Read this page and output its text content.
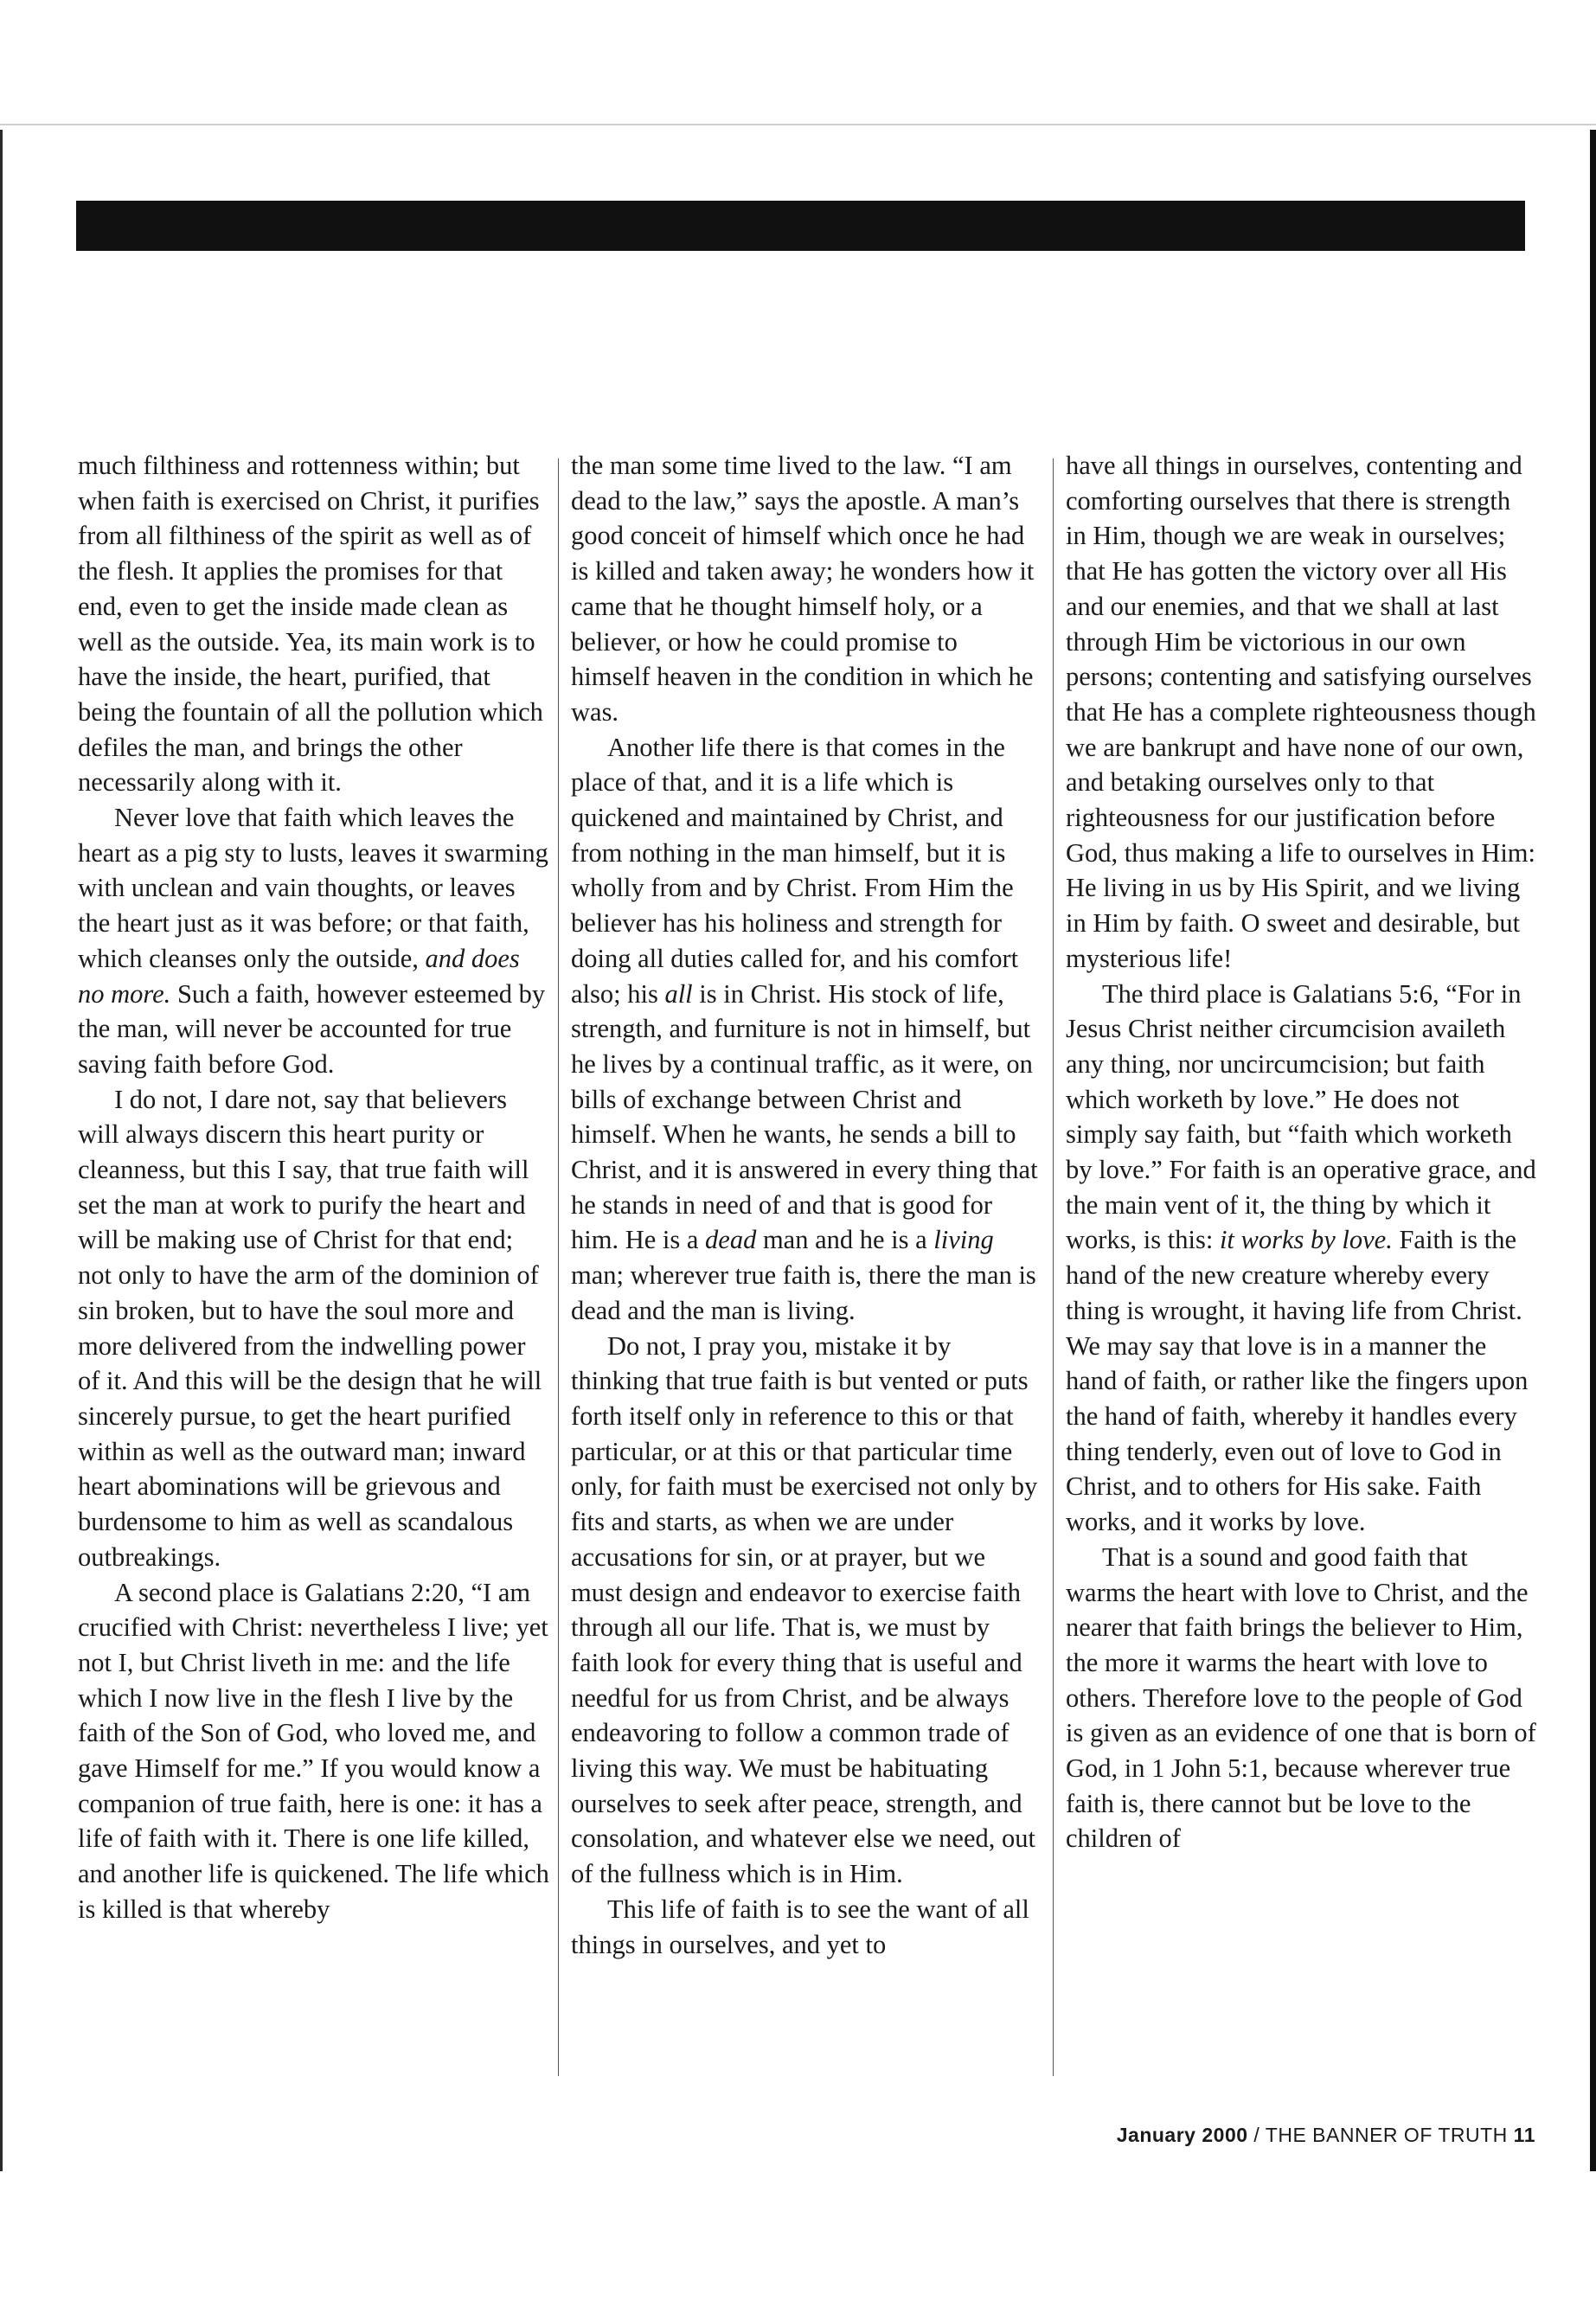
much filthiness and rottenness within; but when faith is exercised on Christ, it purifies from all filthiness of the spirit as well as of the flesh. It applies the promises for that end, even to get the inside made clean as well as the outside. Yea, its main work is to have the inside, the heart, purified, that being the fountain of all the pollution which defiles the man, and brings the other necessarily along with it.

Never love that faith which leaves the heart as a pig sty to lusts, leaves it swarming with unclean and vain thoughts, or leaves the heart just as it was before; or that faith, which cleanses only the outside, and does no more. Such a faith, however esteemed by the man, will never be accounted for true saving faith before God.

I do not, I dare not, say that believers will always discern this heart purity or cleanness, but this I say, that true faith will set the man at work to purify the heart and will be making use of Christ for that end; not only to have the arm of the dominion of sin broken, but to have the soul more and more delivered from the indwelling power of it. And this will be the design that he will sincerely pursue, to get the heart purified within as well as the outward man; inward heart abominations will be grievous and burdensome to him as well as scandalous outbreakings.

A second place is Galatians 2:20, “I am crucified with Christ: nevertheless I live; yet not I, but Christ liveth in me: and the life which I now live in the flesh I live by the faith of the Son of God, who loved me, and gave Himself for me.” If you would know a companion of true faith, here is one: it has a life of faith with it. There is one life killed, and another life is quickened. The life which is killed is that whereby

the man some time lived to the law. “I am dead to the law,” says the apostle. A man’s good conceit of himself which once he had is killed and taken away; he wonders how it came that he thought himself holy, or a believer, or how he could promise to himself heaven in the condition in which he was.

Another life there is that comes in the place of that, and it is a life which is quickened and maintained by Christ, and from nothing in the man himself, but it is wholly from and by Christ. From Him the believer has his holiness and strength for doing all duties called for, and his comfort also; his all is in Christ. His stock of life, strength, and furniture is not in himself, but he lives by a continual traffic, as it were, on bills of exchange between Christ and himself. When he wants, he sends a bill to Christ, and it is answered in every thing that he stands in need of and that is good for him. He is a dead man and he is a living man; wherever true faith is, there the man is dead and the man is living.

Do not, I pray you, mistake it by thinking that true faith is but vented or puts forth itself only in reference to this or that particular, or at this or that particular time only, for faith must be exercised not only by fits and starts, as when we are under accusations for sin, or at prayer, but we must design and endeavor to exercise faith through all our life. That is, we must by faith look for every thing that is useful and needful for us from Christ, and be always endeavoring to follow a common trade of living this way. We must be habituating ourselves to seek after peace, strength, and consolation, and whatever else we need, out of the fullness which is in Him.

This life of faith is to see the want of all things in ourselves, and yet to

have all things in ourselves, contenting and comforting ourselves that there is strength in Him, though we are weak in ourselves; that He has gotten the victory over all His and our enemies, and that we shall at last through Him be victorious in our own persons; contenting and satisfying ourselves that He has a complete righteousness though we are bankrupt and have none of our own, and betaking ourselves only to that righteousness for our justification before God, thus making a life to ourselves in Him: He living in us by His Spirit, and we living in Him by faith. O sweet and desirable, but mysterious life!

The third place is Galatians 5:6, “For in Jesus Christ neither circumcision availeth any thing, nor uncircumcision; but faith which worketh by love.” He does not simply say faith, but “faith which worketh by love.” For faith is an operative grace, and the main vent of it, the thing by which it works, is this: it works by love. Faith is the hand of the new creature whereby every thing is wrought, it having life from Christ. We may say that love is in a manner the hand of faith, or rather like the fingers upon the hand of faith, whereby it handles every thing tenderly, even out of love to God in Christ, and to others for His sake. Faith works, and it works by love.

That is a sound and good faith that warms the heart with love to Christ, and the nearer that faith brings the believer to Him, the more it warms the heart with love to others. Therefore love to the people of God is given as an evidence of one that is born of God, in 1 John 5:1, because wherever true faith is, there cannot but be love to the children of

January 2000 / THE BANNER OF TRUTH 11
